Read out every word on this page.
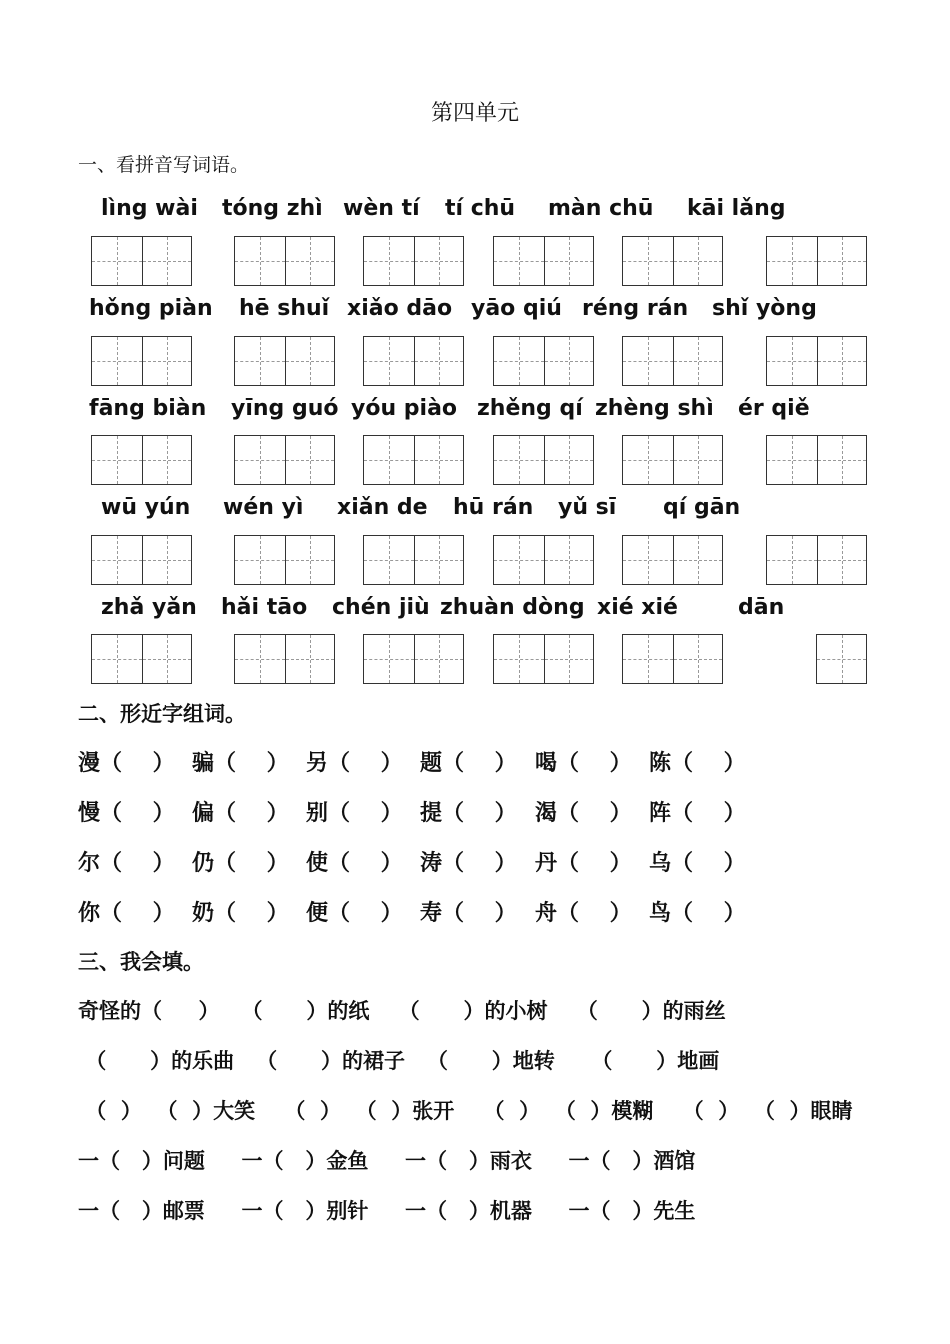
第四单元
一、看拼音写词语。
lìng wài tóng zhì wèn tí tí chū màn chū kāi lǎng
hǒng piàn hē shuǐ xiǎo dāo yāo qiú réng rán shǐ yòng
fāng biàn yīng guó yóu piào zhěng qí zhèng shì ér qiě
wū yún wén yì xiǎn de hū rán yǔ sī qí gān
zhǎ yǎn hǎi tāo chén jiù zhuàn dòng xié xié	dān
二、形近字组词。
漫（    ） 骗（    ） 另（    ） 题（    ） 喝（    ） 陈（    ）
慢（    ） 偏（    ） 别（    ） 提（    ） 渴（    ） 阵（    ）
尔（    ） 仍（    ） 使（    ） 涛（    ） 丹（    ） 乌（    ）
你（    ） 奶（    ） 便（    ） 寿（    ） 舟（    ） 鸟（    ）
三、我会填。
奇怪的（     ）   （      ）的纸    （      ）的小树    （      ）的雨丝
（      ）的乐曲   （      ）的裙子   （      ）地转     （      ）地画
（  ）  （  ）大笑    （  ）  （  ）张开    （  ）  （  ）模糊    （  ）  （  ）眼睛
一（   ）问题     一（   ）金鱼     一（   ）雨衣     一（   ）酒馆
一（   ）邮票     一（   ）别针     一（   ）机器     一（   ）先生
